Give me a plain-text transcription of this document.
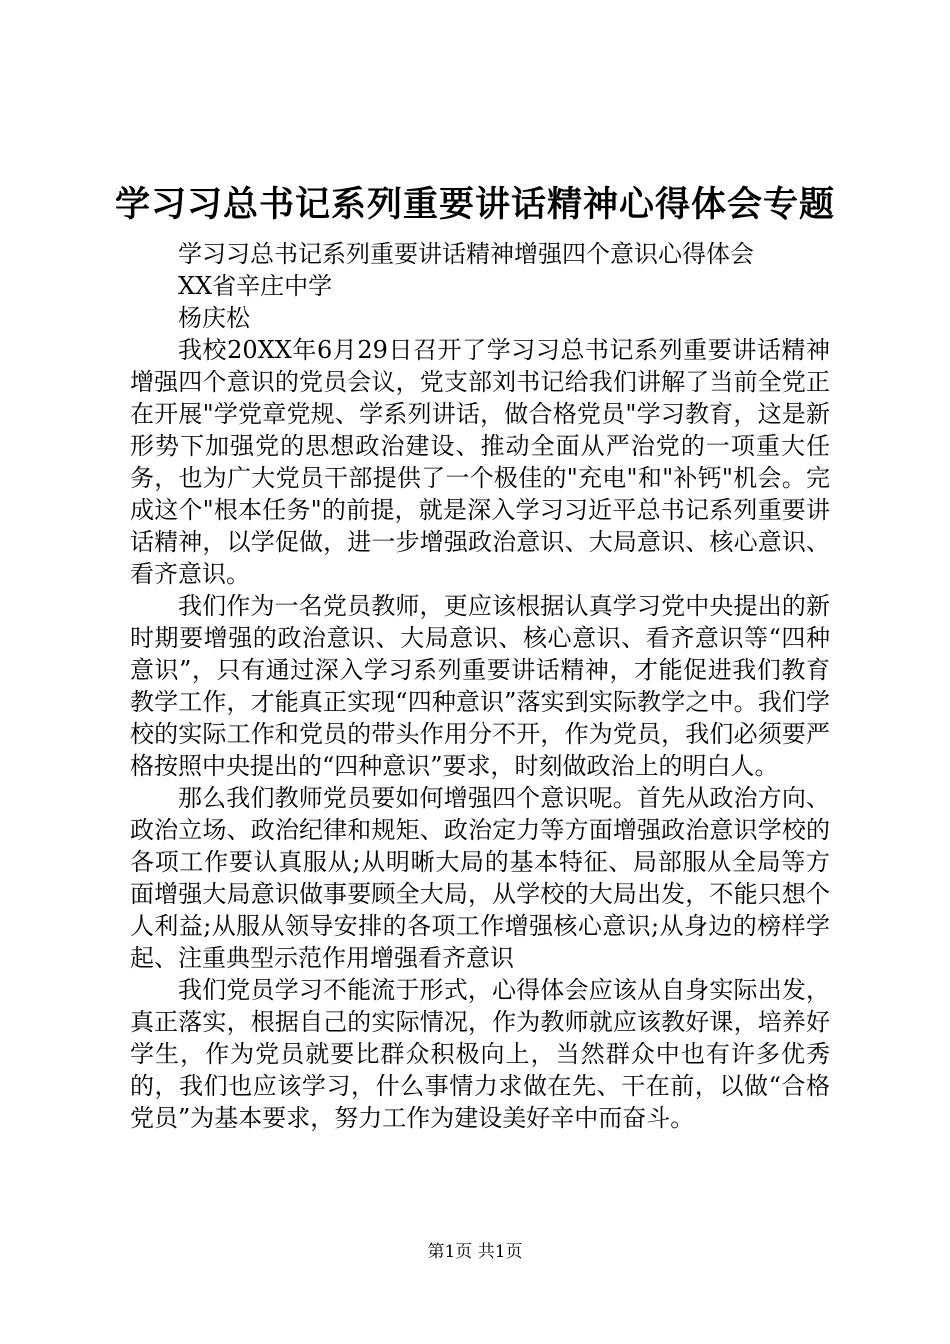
学习习总书记系列重要讲话精神心得体会专题

学习习总书记系列重要讲话精神增强四个意识心得体会

XX省辛庄中学

杨庆松

我校20XX年6月29日召开了学习习总书记系列重要讲话精神增强四个意识的党员会议，党支部刘书记给我们讲解了当前全党正在开展"学党章党规、学系列讲话，做合格党员"学习教育，这是新形势下加强党的思想政治建设、推动全面从严治党的一项重大任务，也为广大党员干部提供了一个极佳的"充电"和"补钙"机会。完成这个"根本任务"的前提，就是深入学习习近平总书记系列重要讲话精神，以学促做，进一步增强政治意识、大局意识、核心意识、看齐意识。

我们作为一名党员教师，更应该根据认真学习党中央提出的新时期要增强的政治意识、大局意识、核心意识、看齐意识等“四种意识”，只有通过深入学习系列重要讲话精神，才能促进我们教育教学工作，才能真正实现“四种意识”落实到实际教学之中。我们学校的实际工作和党员的带头作用分不开，作为党员，我们必须要严格按照中央提出的“四种意识”要求，时刻做政治上的明白人。

那么我们教师党员要如何增强四个意识呢。首先从政治方向、政治立场、政治纪律和规矩、政治定力等方面增强政治意识学校的各项工作要认真服从;从明晰大局的基本特征、局部服从全局等方面增强大局意识做事要顾全大局，从学校的大局出发，不能只想个人利益;从服从领导安排的各项工作增强核心意识;从身边的榜样学起、注重典型示范作用增强看齐意识

我们党员学习不能流于形式，心得体会应该从自身实际出发，真正落实，根据自己的实际情况，作为教师就应该教好课，培养好学生，作为党员就要比群众积极向上，当然群众中也有许多优秀的，我们也应该学习，什么事情力求做在先、干在前，以做“合格党员”为基本要求，努力工作为建设美好辛中而奋斗。

第1页 共1页
